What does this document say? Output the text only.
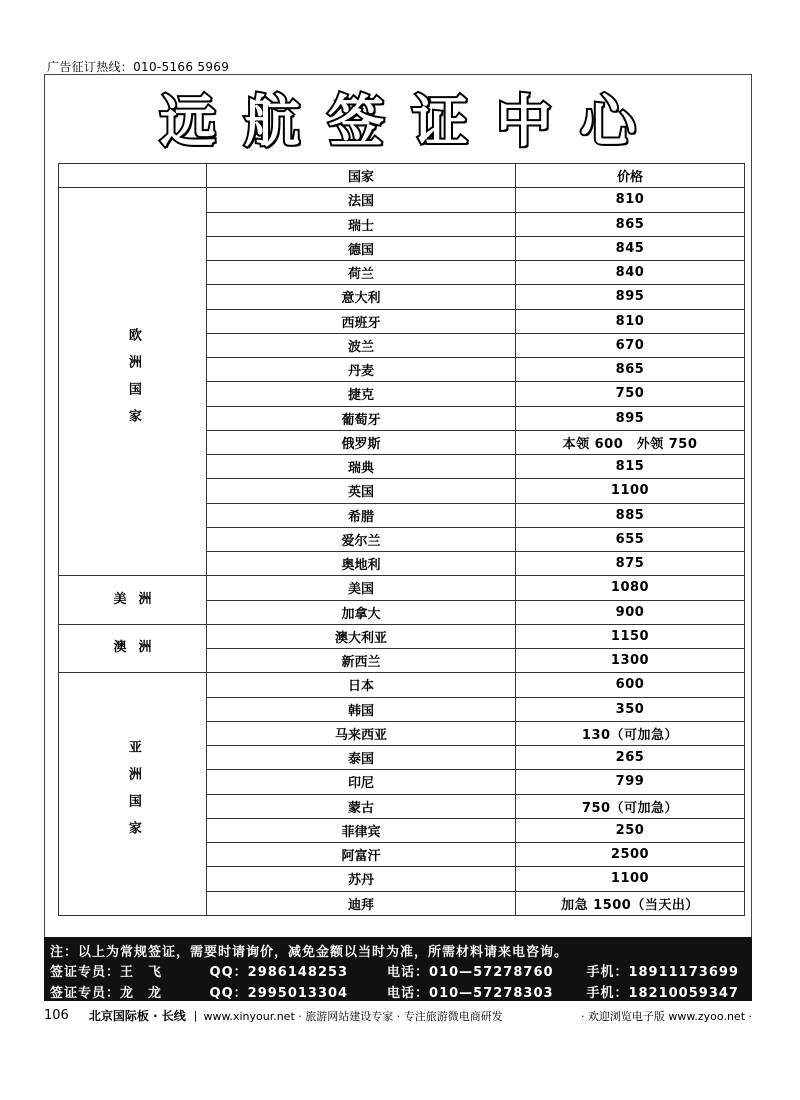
广告征订热线：010-5166 5969
远航签证中心
	国家	价格
欧洲国家	法国	810
	瑞士	865
	德国	845
	荷兰	840
	意大利	895
	西班牙	810
	波兰	670
	丹麦	865
	捷克	750
	葡萄牙	895
	俄罗斯	本领 600　外领 750
	瑞典	815
	英国	1100
	希腊	885
	爱尔兰	655
	奥地利	875
美洲	美国	1080
	加拿大	900
澳洲	澳大利亚	1150
	新西兰	1300
亚洲国家	日本	600
	韩国	350
	马来西亚	130（可加急）
	泰国	265
	印尼	799
	蒙古	750（可加急）
	菲律宾	250
	阿富汗	2500
	苏丹	1100
	迪拜	加急 1500（当天出）
注：以上为常规签证，需要时请询价，减免金额以当时为准，所需材料请来电咨询。
签证专员：王　飞	QQ：2986148253	电话：010—57278760	手机：18911173699
签证专员：龙　龙	QQ：2995013304	电话：010—57278303	手机：18210059347
106 北京国际板 · 长线 | www.xinyour.net · 旅游网站建设专家 · 专注旅游微电商研发	· 欢迎浏览电子版 www.zyoo.net ·
